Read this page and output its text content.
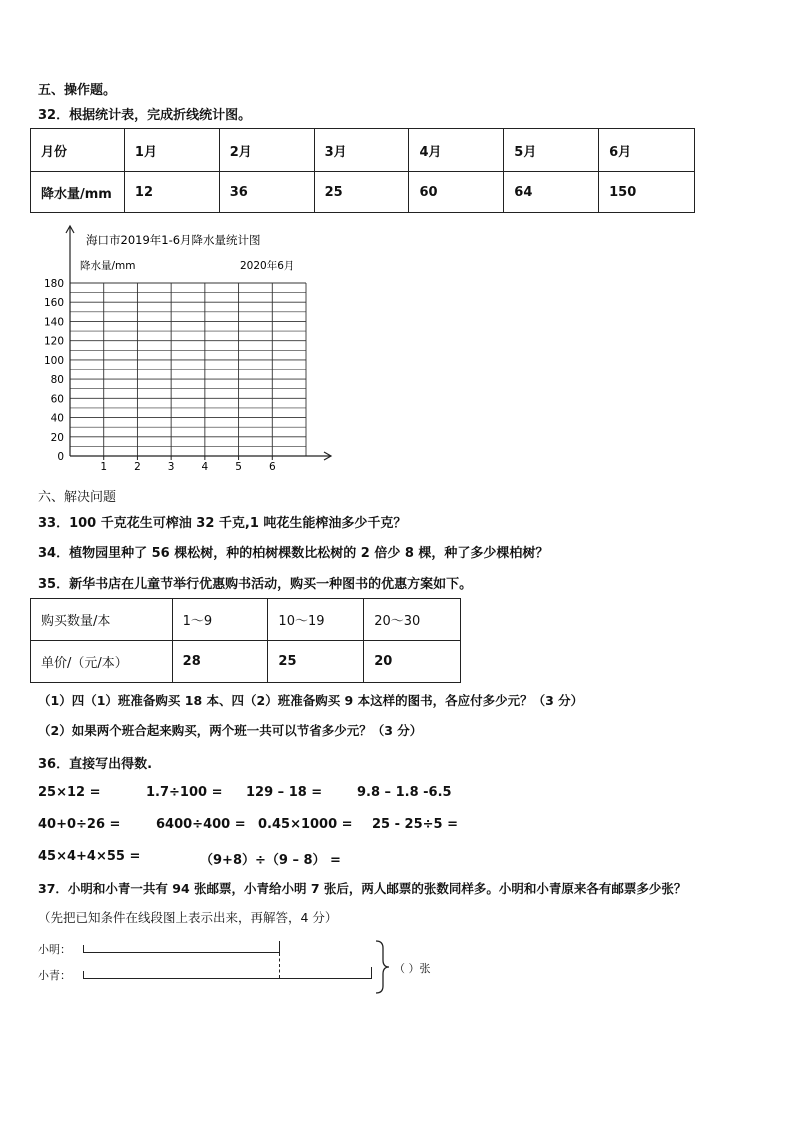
五、操作题。
32．根据统计表，完成折线统计图。
月份	1月	2月	3月	4月	5月	6月
降水量/mm	12	36	25	60	64	150
海口市2019年1-6月降水量统计图
降水量/mm	2020年6月
0
20
40
60
80
100
120
140
160
180
1	2	3	4	5	6
六、解决问题
33．100 千克花生可榨油 32 千克,1 吨花生能榨油多少千克？
34．植物园里种了 56 棵松树，种的柏树棵数比松树的 2 倍少 8 棵，种了多少棵柏树？
35．新华书店在儿童节举行优惠购书活动，购买一种图书的优惠方案如下。
购买数量/本	1～9	10～19	20～30
单价/（元/本）	28	25	20
（1）四（1）班准备购买 18 本、四（2）班准备购买 9 本这样的图书，各应付多少元？（3 分）
（2）如果两个班合起来购买，两个班一共可以节省多少元？（3 分）
36．直接写出得数.
25×12 =	1.7÷100 = 129 – 18 =	9.8 – 1.8 -6.5
40+0÷26 =	6400÷400 = 0.45×1000 = 25 - 25÷5 =
45×4+4×55 =	（9+8）÷（9 – 8） =
37．小明和小青一共有 94 张邮票，小青给小明 7 张后，两人邮票的张数同样多。小明和小青原来各有邮票多少张？
（先把已知条件在线段图上表示出来，再解答，4 分）
小明：
小青：
（ ）张
